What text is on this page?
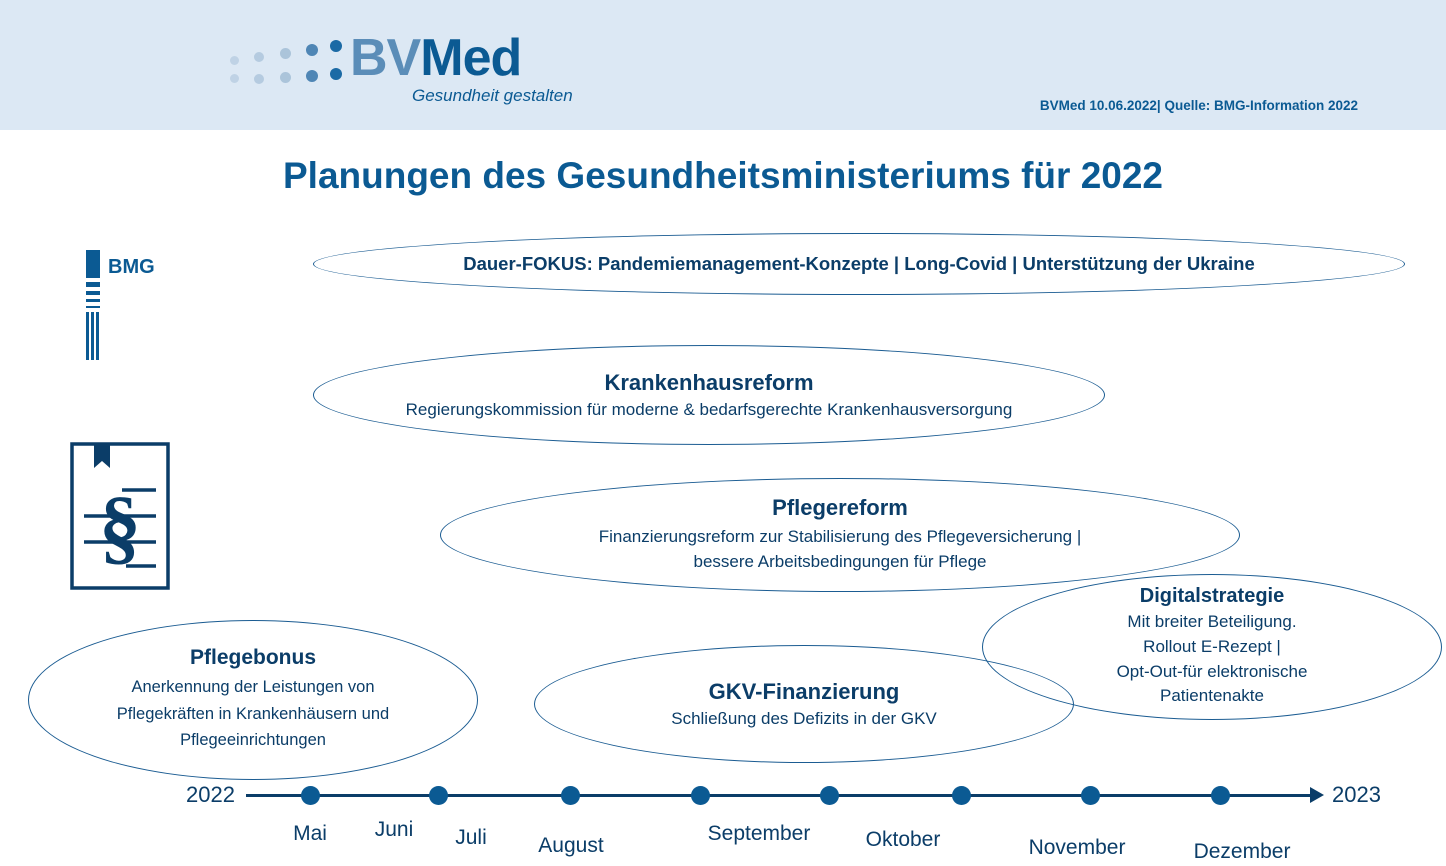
BVMed
Gesundheit gestalten
BVMed 10.06.2022| Quelle: BMG-Information 2022
Planungen des Gesundheitsministeriums für 2022
BMG
§
Dauer-FOKUS: Pandemiemanagement-Konzepte | Long-Covid | Unterstützung der Ukraine
Krankenhausreform
Regierungskommission für moderne & bedarfsgerechte Krankenhausversorgung
Pflegereform
Finanzierungsreform zur Stabilisierung des Pflegeversicherung |
bessere Arbeitsbedingungen für Pflege
Digitalstrategie
Mit breiter Beteiligung.
Rollout E-Rezept |
Opt-Out-für elektronische
Patientenakte
Pflegebonus
Anerkennung der Leistungen von
Pflegekräften in Krankenhäusern und
Pflegeeinrichtungen
GKV-Finanzierung
Schließung des Defizits in der GKV
2022	2023
Mai Juni Juli August
September	Oktober	November	Dezember
